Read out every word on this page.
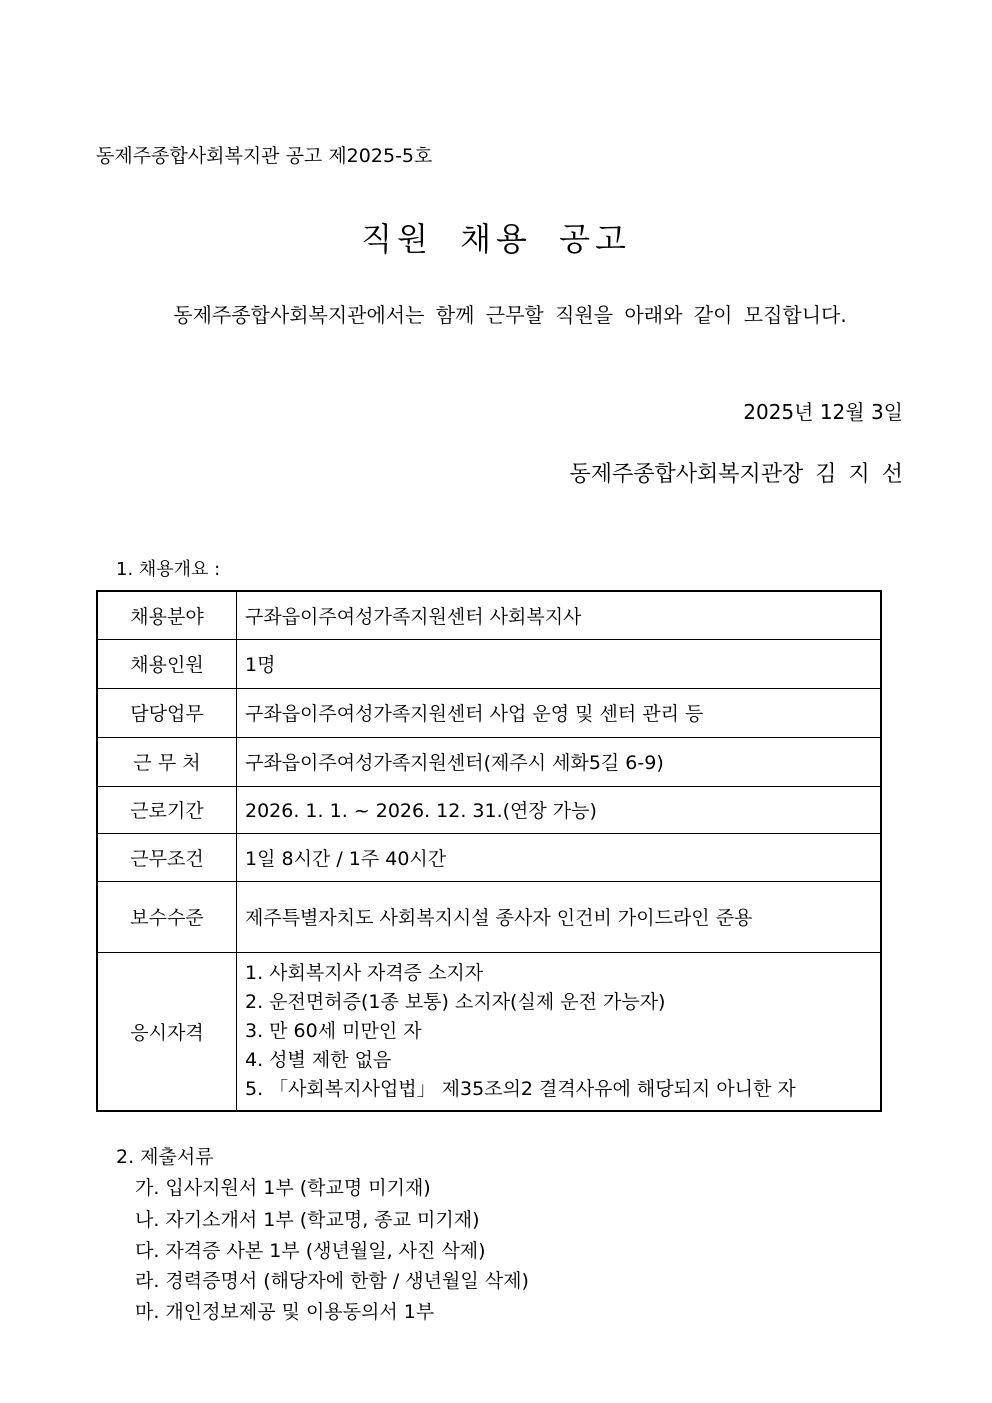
동제주종합사회복지관 공고 제2025-5호
직원 채용 공고
동제주종합사회복지관에서는 함께 근무할 직원을 아래와 같이 모집합니다.
2025년 12월 3일
동제주종합사회복지관장 김 지 선
1. 채용개요 :
채용분야	구좌읍이주여성가족지원센터 사회복지사
채용인원	1명
담당업무	구좌읍이주여성가족지원센터 사업 운영 및 센터 관리 등
근 무 처	구좌읍이주여성가족지원센터(제주시 세화5길 6-9)
근로기간	2026. 1. 1. ~ 2026. 12. 31.(연장 가능)
근무조건	1일 8시간 / 1주 40시간
보수수준	제주특별자치도 사회복지시설 종사자 인건비 가이드라인 준용
응시자격	1. 사회복지사 자격증 소지자
2. 운전면허증(1종 보통) 소지자(실제 운전 가능자)
3. 만 60세 미만인 자
4. 성별 제한 없음
5. 「사회복지사업법」 제35조의2 결격사유에 해당되지 아니한 자
2. 제출서류
가. 입사지원서 1부 (학교명 미기재)
나. 자기소개서 1부 (학교명, 종교 미기재)
다. 자격증 사본 1부 (생년월일, 사진 삭제)
라. 경력증명서 (해당자에 한함 / 생년월일 삭제)
마. 개인정보제공 및 이용동의서 1부
